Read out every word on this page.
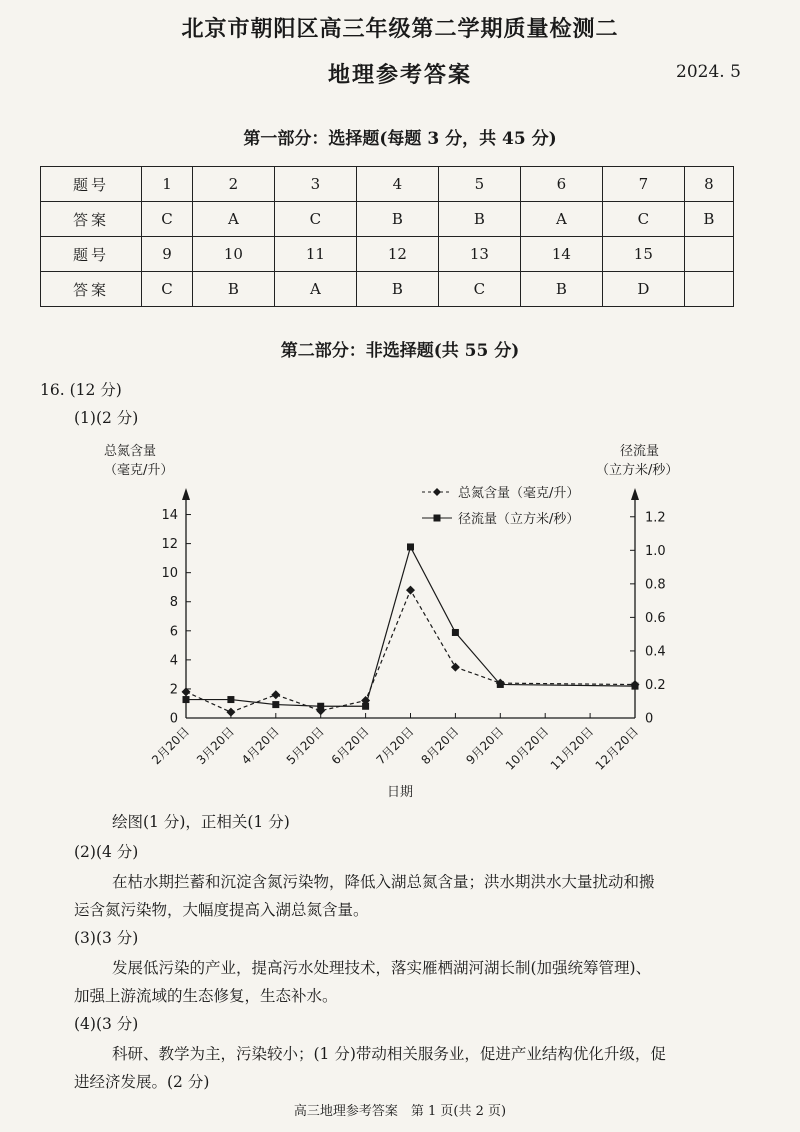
北京市朝阳区高三年级第二学期质量检测二
地理参考答案	2024. 5
第一部分：选择题(每题 3 分，共 45 分)
题号	1	2	3	4	5	6	7	8
答案	C	A	C	B	B	A	C	B
题号	9	10	11	12	13	14	15	
答案	C	B	A	B	C	B	D	
第二部分：非选择题(共 55 分)
16. (12 分)
(1)(2 分)
总氮含量
（毫克/升）
径流量
（立方米/秒）
0
2
4
6
8
10
12
14
0
0.2
0.4
0.6
0.8
1.0
1.2
2月20日 3月20日 4月20日 5月20日 6月20日 7月20日 8月20日 9月20日
10月20日
11月20日
12月20日
总氮含量（毫克/升）
径流量（立方米/秒）
日期
绘图(1 分)，正相关(1 分)
(2)(4 分)
在枯水期拦蓄和沉淀含氮污染物，降低入湖总氮含量；洪水期洪水大量扰动和搬
运含氮污染物，大幅度提高入湖总氮含量。
(3)(3 分)
发展低污染的产业，提高污水处理技术，落实雁栖湖河湖长制(加强统筹管理)、
加强上游流域的生态修复，生态补水。
(4)(3 分)
科研、教学为主，污染较小；(1 分)带动相关服务业，促进产业结构优化升级，促
进经济发展。(2 分)
高三地理参考答案　第 1 页(共 2 页)
